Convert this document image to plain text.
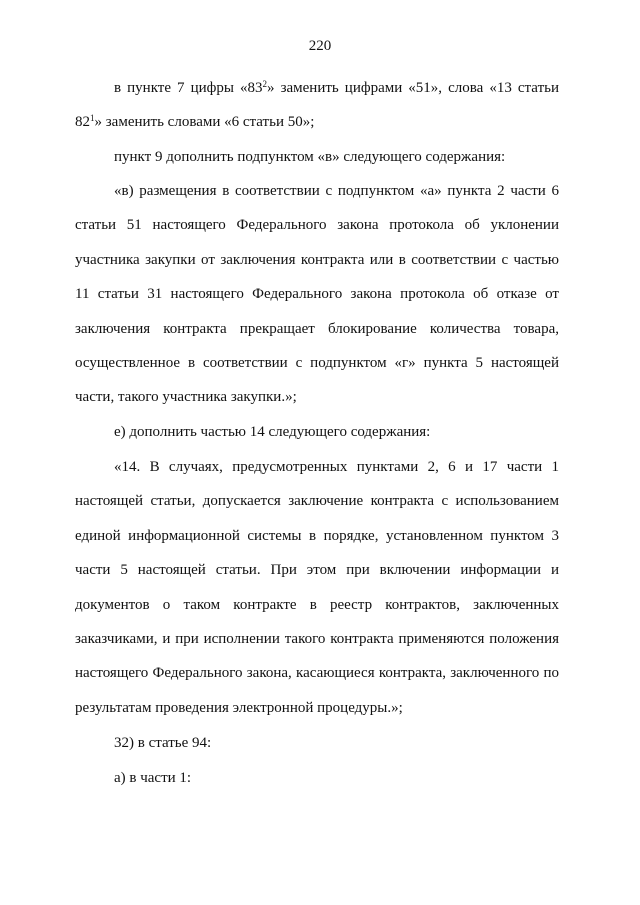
220
в пункте 7 цифры «$83^2$» заменить цифрами «51», слова «13 статьи
$82^1$» заменить словами «6 статьи 50»;
пункт 9 дополнить подпунктом «в» следующего содержания:
«в) размещения в соответствии с подпунктом «а» пункта 2 части 6
статьи 51 настоящего Федерального закона протокола об уклонении
участника закупки от заключения контракта или в соответствии с частью
11 статьи 31 настоящего Федерального закона протокола об отказе от
заключения контракта прекращает блокирование количества товара,
осуществленное в соответствии с подпунктом «г» пункта 5 настоящей
части, такого участника закупки.»;
е) дополнить частью 14 следующего содержания:
«14. В случаях, предусмотренных пунктами 2, 6 и 17 части 1
настоящей статьи, допускается заключение контракта с использованием
единой информационной системы в порядке, установленном пунктом 3
части 5 настоящей статьи. При этом при включении информации и
документов о таком контракте в реестр контрактов, заключенных
заказчиками, и при исполнении такого контракта применяются положения
настоящего Федерального закона, касающиеся контракта, заключенного по
результатам проведения электронной процедуры.»;
32) в статье 94:
а) в части 1:
